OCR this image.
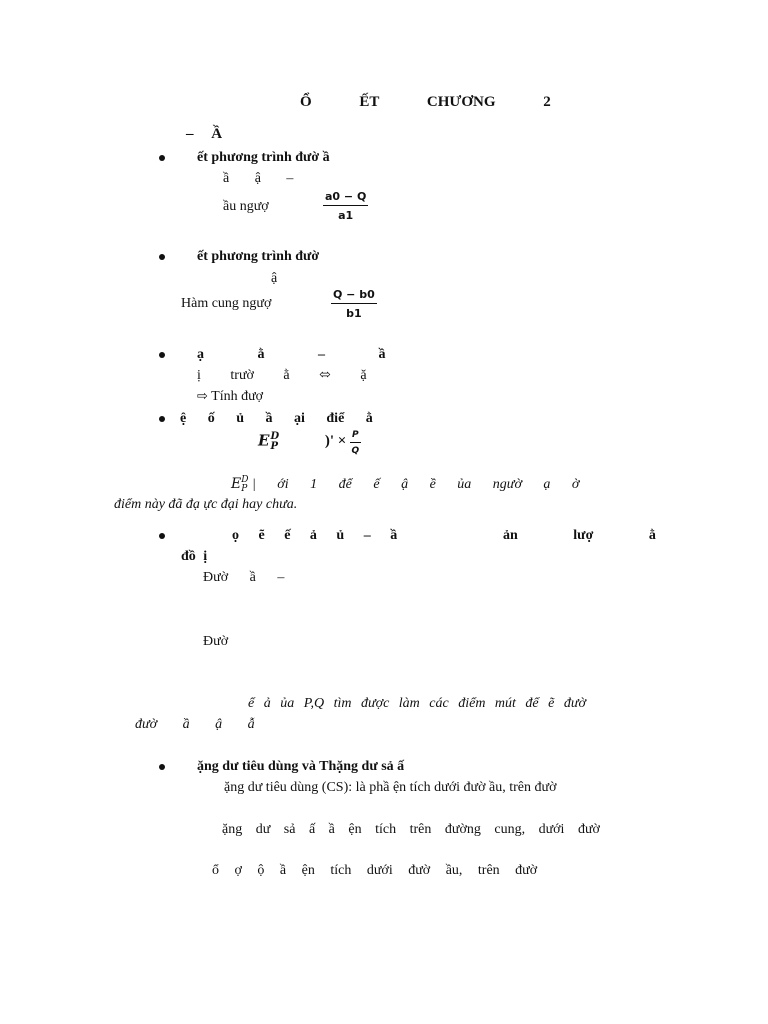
Ổ ẾT CHƯƠNG 2
– Ầ
ết phương trình đườ ầ
ầ ậ –
ầu ngượ
a0 − Q
a1
ết phương trình đườ
ậ
Hàm cung ngượ
Q − b0
b1
ạ ằ – ầ
ị trườ ằ ⬄ ặ
⇨ Tính đượ
ệ ố ủ ầ ại điể ằ
E D
P	)' × P
Q
E D
P | ới 1 để ế ậ ề ủa ngườ ạ ờ
điểm này đã đạ ực đại hay chưa.
ọ ẽ ế ả ủ – ầ	ản lượ ằ
đồ ị
Đườ ầ –
Đườ
ể ả ủa P,Q tìm được làm các điểm mút để ẽ đườ
đườ ầ ậ ẫ
ặng dư tiêu dùng và Thặng dư sả ấ
ặng dư tiêu dùng (CS): là phầ ện tích dưới đườ ầu, trên đườ
ặng dư sả ấ ầ ện tích trên đường cung, dưới đườ
ổ ợ ộ ầ ện tích dưới đườ ầu, trên đườ
